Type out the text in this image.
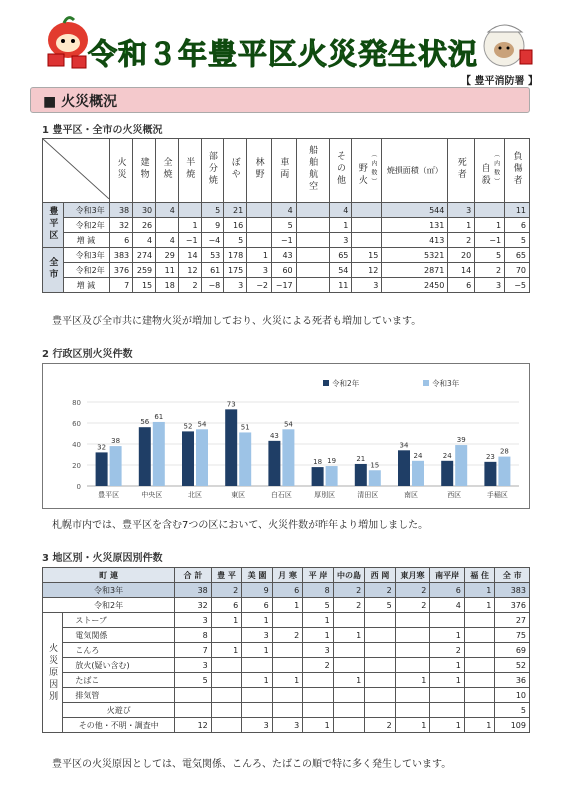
令和３年豊平区火災発生状況
【 豊平消防署 】
■ 火災概況
1 豊平区・全市の火災概況
	火災	建物	全焼	半焼	部分焼	ぼや	林野	車両	船舶航空	その他	野火 （内数）	焼損面積（㎡）	死者	自殺 （内数）	負傷者
豊平区	令和3年	38	30	4		5	21		4		4		544	3		11
	令和2年	32	26		1	9	16		5		1		131	1	1	6
	増 減	6	4	4	−1	−4	5		−1		3		413	2	−1	5
全市	令和3年	383	274	29	14	53	178	1	43		65	15	5321	20	5	65
	令和2年	376	259	11	12	61	175	3	60		54	12	2871	14	2	70
	増 減	7	15	18	2	−8	3	−2	−17		11	3	2450	6	3	−5
豊平区及び全市共に建物火災が増加しており、火災による死者も増加しています。
2 行政区別火災件数
0
20
40
60
80
32
38
豊平区
56
61
中央区
52 54
北区
73
51
東区
43
54
白石区
18 19
厚別区
21
15
清田区
34
24
南区
24
39
西区
23
28
手稲区
令和2年	令和3年
札幌市内では、豊平区を含む7つの区において、火災件数が昨年より増加しました。
3 地区別・火災原因別件数
町 連		合 計	豊 平	美 園	月 寒	平 岸	中の島	西 岡	東月寒	南平岸	福 住	全 市
令和3年		38	2	9	6	8	2	2	2	6	1	383
令和2年		32	6	6	1	5	2	5	2	4	1	376
火災原因別	ストーブ	3	1	1		1						27
	電気関係	8		3	2	1	1			1		75
	こんろ	7	1	1		3				2		69
	放火(疑い含む)	3				2				1		52
	たばこ	5		1	1		1		1	1		36
	排気管											10
	火遊び											5
	その他・不明・調査中	12		3	3	1		2	1	1	1	109
豊平区の火災原因としては、電気関係、こんろ、たばこの順で特に多く発生しています。
